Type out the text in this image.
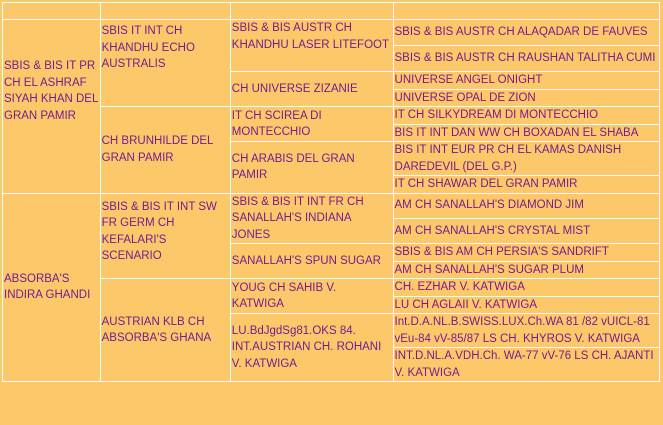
SBIS & BIS IT PR CH EL ASHRAF SIYAH KHAN DEL GRAN PAMIR	SBIS IT INT CH KHANDHU ECHO AUSTRALIS	SBIS & BIS AUSTR CH KHANDHU LASER LITEFOOT	SBIS & BIS AUSTR CH ALAQADAR DE FAUVES
			SBIS & BIS AUSTR CH RAUSHAN TALITHA CUMI
		CH UNIVERSE ZIZANIE	UNIVERSE ANGEL ONIGHT
			UNIVERSE OPAL DE ZION
	CH BRUNHILDE DEL GRAN PAMIR	IT CH SCIREA DI MONTECCHIO	IT CH SILKYDREAM DI MONTECCHIO
			BIS IT INT DAN WW CH BOXADAN EL SHABA
		CH ARABIS DEL GRAN PAMIR	BIS IT INT EUR PR CH EL KAMAS DANISH DAREDEVIL (DEL G.P.)
			IT CH SHAWAR DEL GRAN PAMIR
ABSORBA'S INDIRA GHANDI	SBIS & BIS IT INT SW FR GERM CH KEFALARI'S SCENARIO	SBIS & BIS IT INT FR CH SANALLAH'S INDIANA JONES	AM CH SANALLAH'S DIAMOND JIM
			AM CH SANALLAH'S CRYSTAL MIST
		SANALLAH'S SPUN SUGAR	SBIS & BIS AM CH PERSIA'S SANDRIFT
			AM CH SANALLAH'S SUGAR PLUM
	AUSTRIAN KLB CH ABSORBA'S GHANA	YOUG CH SAHIB V. KATWIGA	CH. EZHAR V. KATWIGA
			LU CH AGLAII V. KATWIGA
		LU.BdJgdSg81.OKS 84. INT.AUSTRIAN CH. ROHANI V. KATWIGA	Int.D.A.NL.B.SWISS.LUX.Ch.WA 81 /82 vUICL-81 vEu-84 vV-85/87 LS CH. KHYROS V. KATWIGA
			INT.D.NL.A.VDH.Ch. WA-77 vV-76 LS CH. AJANTI V. KATWIGA
